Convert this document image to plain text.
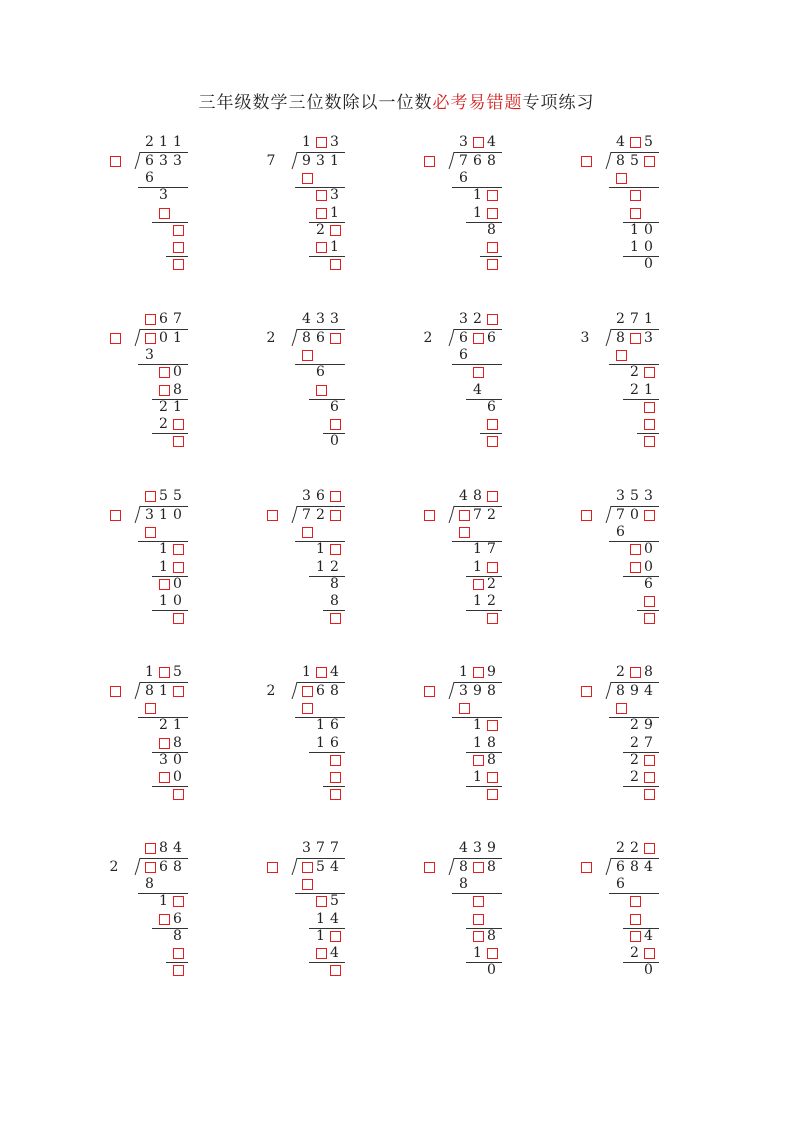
三年级数学三位数除以一位数必考易错题专项练习
2 1 1
6 3 3
6
3
1 3
7 9 3 1
3
1
2
1
3 4
7 6 8
6
1
1
8
4 5
8 5
1 0
1 0
0
6 7
0 1
3
0
8
2 1
2
4 3 3
2 8 6
6
6
0
3 2
2 6 6
6
4
6
2 7 1
3 8 3
2
2 1
5 5
3 1 0
1
1
0
1 0
3 6
7 2
1
1 2
8
8
4 8
7 2
1 7
1
2
1 2
3 5 3
7 0
6
0
0
6
1 5
8 1
2 1
8
3 0
0
1 4
2	6 8
1 6
1 6
1 9
3 9 8
1
1 8
8
1
2 8
8 9 4
2 9
2 7
2
2
8 4
2	6 8
8
1
6
8
3 7 7
5 4
5
1 4
1
4
4 3 9
8 8
8
8
1
0
2 2
6 8 4
6
4
2
0
